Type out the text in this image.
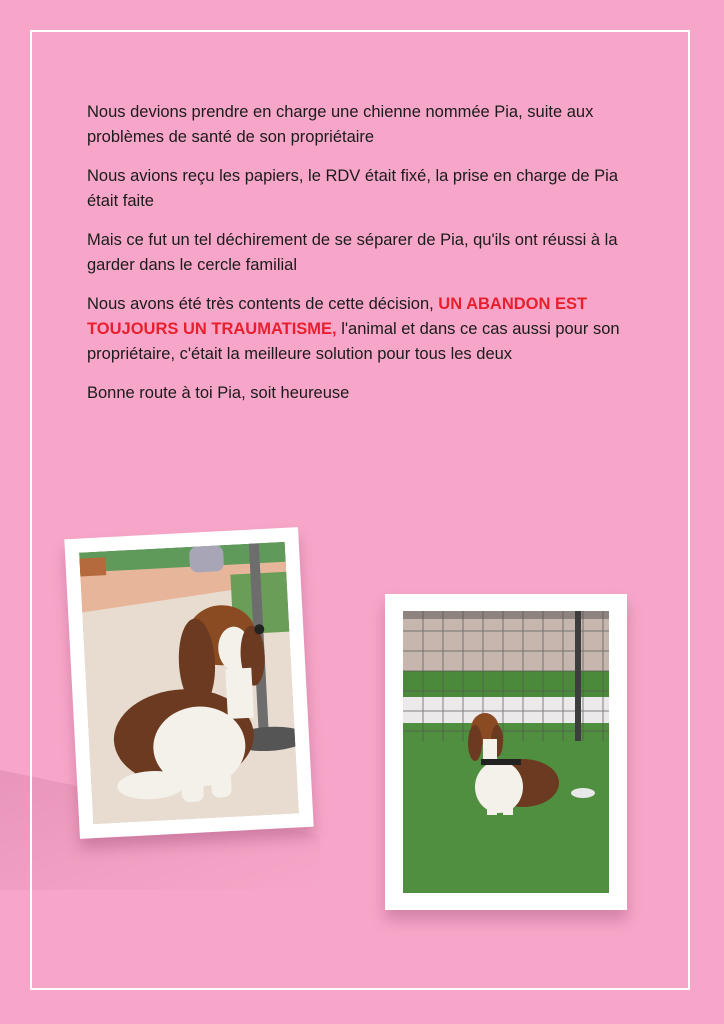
Nous devions prendre en charge une chienne nommée Pia, suite aux problèmes de santé de son propriétaire

Nous avions reçu les papiers, le RDV était fixé, la prise en charge de Pia était faite

Mais ce fut un tel déchirement de se séparer de Pia, qu'ils ont réussi à la garder dans le cercle familial

Nous avons été très contents de cette décision, UN ABANDON EST TOUJOURS UN TRAUMATISME, l'animal et dans ce cas aussi pour son propriétaire, c'était la meilleure solution pour tous les deux

Bonne route à toi Pia, soit heureuse
